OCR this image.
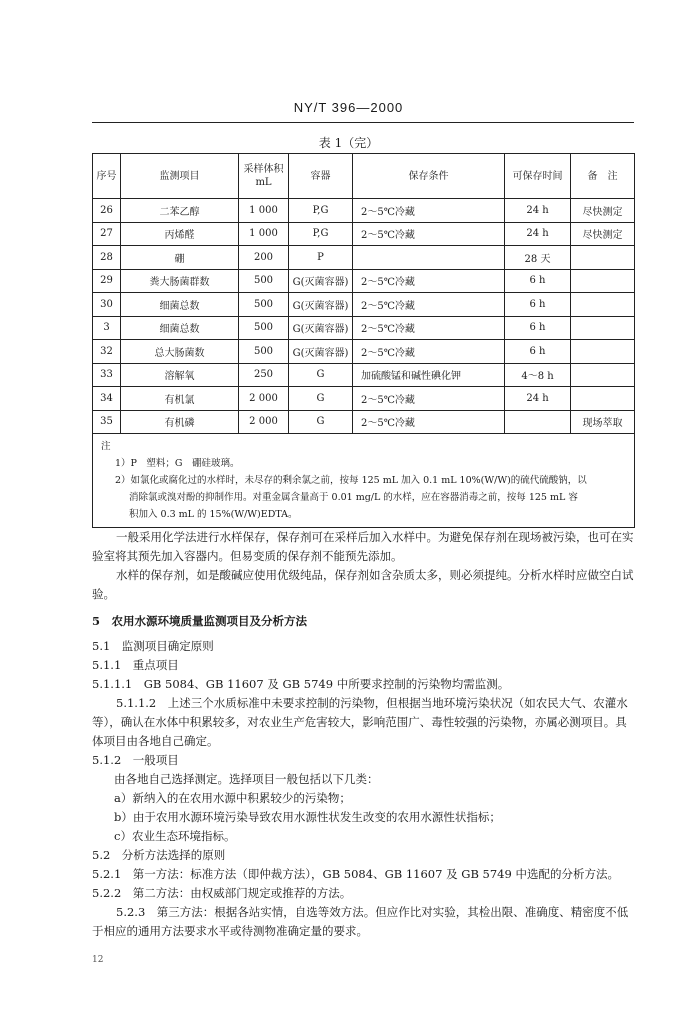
NY/T 396—2000
表 1（完）
序号	监测项目	采样体积 mL	容器	保存条件	可保存时间	备　注
26	二苯乙醇	1 000	P,G	2～5℃冷藏	24 h	尽快测定
27	丙烯醛	1 000	P,G	2～5℃冷藏	24 h	尽快测定
28	硼	200	P		28 天	
29	粪大肠菌群数	500	G(灭菌容器)	2～5℃冷藏	6 h	
30	细菌总数	500	G(灭菌容器)	2～5℃冷藏	6 h	
3	细菌总数	500	G(灭菌容器)	2～5℃冷藏	6 h	
32	总大肠菌数	500	G(灭菌容器)	2～5℃冷藏	6 h	
33	溶解氧	250	G	加硫酸锰和碱性碘化钾	4～8 h	
34	有机氯	2 000	G	2～5℃冷藏	24 h	
35	有机磷	2 000	G	2～5℃冷藏		现场萃取

注
1）P　塑料；G　硼硅玻璃。
2）如氯化或腐化过的水样时，未尽存的剩余氯之前，按每 125 mL 加入 0.1 mL 10%(W/W)的硫代硫酸钠，以
消除氯或溴对酚的抑制作用。对重金属含量高于 0.01 mg/L 的水样，应在容器消毒之前，按每 125 mL 容
积加入 0.3 mL 的 15%(W/W)EDTA。						

一般采用化学法进行水样保存，保存剂可在采样后加入水样中。为避免保存剂在现场被污染，也可在实验室将其预先加入容器内。但易变质的保存剂不能预先添加。

水样的保存剂，如是酸碱应使用优级纯品，保存剂如含杂质太多，则必须提纯。分析水样时应做空白试验。

5　农用水源环境质量监测项目及分析方法

5.1　监测项目确定原则

5.1.1　重点项目

5.1.1.1　GB 5084、GB 11607 及 GB 5749 中所要求控制的污染物均需监测。

5.1.1.2　上述三个水质标准中未要求控制的污染物，但根据当地环境污染状况（如农民大气、农灌水等），确认在水体中积累较多，对农业生产危害较大，影响范围广、毒性较强的污染物，亦属必测项目。具体项目由各地自己确定。

5.1.2　一般项目

由各地自己选择测定。选择项目一般包括以下几类：

a）新纳入的在农用水源中积累较少的污染物；

b）由于农用水源环境污染导致农用水源性状发生改变的农用水源性状指标；

c）农业生态环境指标。

5.2　分析方法选择的原则

5.2.1　第一方法：标准方法（即仲裁方法），GB 5084、GB 11607 及 GB 5749 中选配的分析方法。

5.2.2　第二方法：由权威部门规定或推荐的方法。

5.2.3　第三方法：根据各站实情，自选等效方法。但应作比对实验，其检出限、准确度、精密度不低于相应的通用方法要求水平或待测物准确定量的要求。

12
